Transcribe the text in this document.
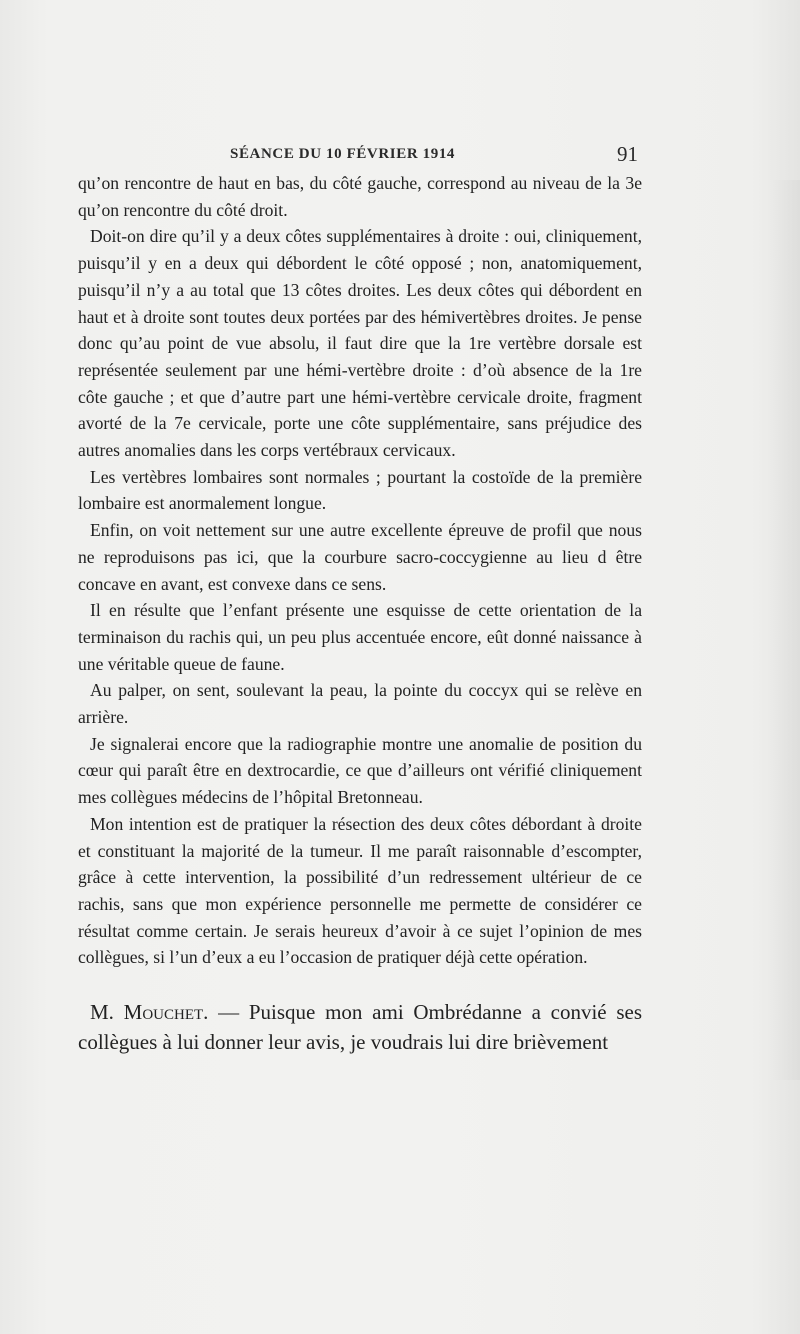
SÉANCE DU 10 FÉVRIER 1914	91

qu’on rencontre de haut en bas, du côté gauche, correspond au niveau de la 3e qu’on rencontre du côté droit.

Doit-on dire qu’il y a deux côtes supplémentaires à droite : oui, cliniquement, puisqu’il y en a deux qui débordent le côté opposé ; non, anatomiquement, puisqu’il n’y a au total que 13 côtes droites. Les deux côtes qui débordent en haut et à droite sont toutes deux portées par des hémivertèbres droites. Je pense donc qu’au point de vue absolu, il faut dire que la 1re vertèbre dorsale est représentée seulement par une hémi-vertèbre droite : d’où absence de la 1re côte gauche ; et que d’autre part une hémi-vertèbre cervicale droite, fragment avorté de la 7e cervicale, porte une côte supplémentaire, sans préjudice des autres anomalies dans les corps vertébraux cervicaux.

Les vertèbres lombaires sont normales ; pourtant la costoïde de la première lombaire est anormalement longue.

Enfin, on voit nettement sur une autre excellente épreuve de profil que nous ne reproduisons pas ici, que la courbure sacro-coccygienne au lieu d être concave en avant, est convexe dans ce sens.

Il en résulte que l’enfant présente une esquisse de cette orientation de la terminaison du rachis qui, un peu plus accentuée encore, eût donné naissance à une véritable queue de faune.

Au palper, on sent, soulevant la peau, la pointe du coccyx qui se relève en arrière.

Je signalerai encore que la radiographie montre une anomalie de position du cœur qui paraît être en dextrocardie, ce que d’ailleurs ont vérifié cliniquement mes collègues médecins de l’hôpital Bretonneau.

Mon intention est de pratiquer la résection des deux côtes débordant à droite et constituant la majorité de la tumeur. Il me paraît raisonnable d’escompter, grâce à cette intervention, la possibilité d’un redressement ultérieur de ce rachis, sans que mon expérience personnelle me permette de considérer ce résultat comme certain. Je serais heureux d’avoir à ce sujet l’opinion de mes collègues, si l’un d’eux a eu l’occasion de pratiquer déjà cette opération.

M. Mouchet. — Puisque mon ami Ombrédanne a convié ses collègues à lui donner leur avis, je voudrais lui dire brièvement
